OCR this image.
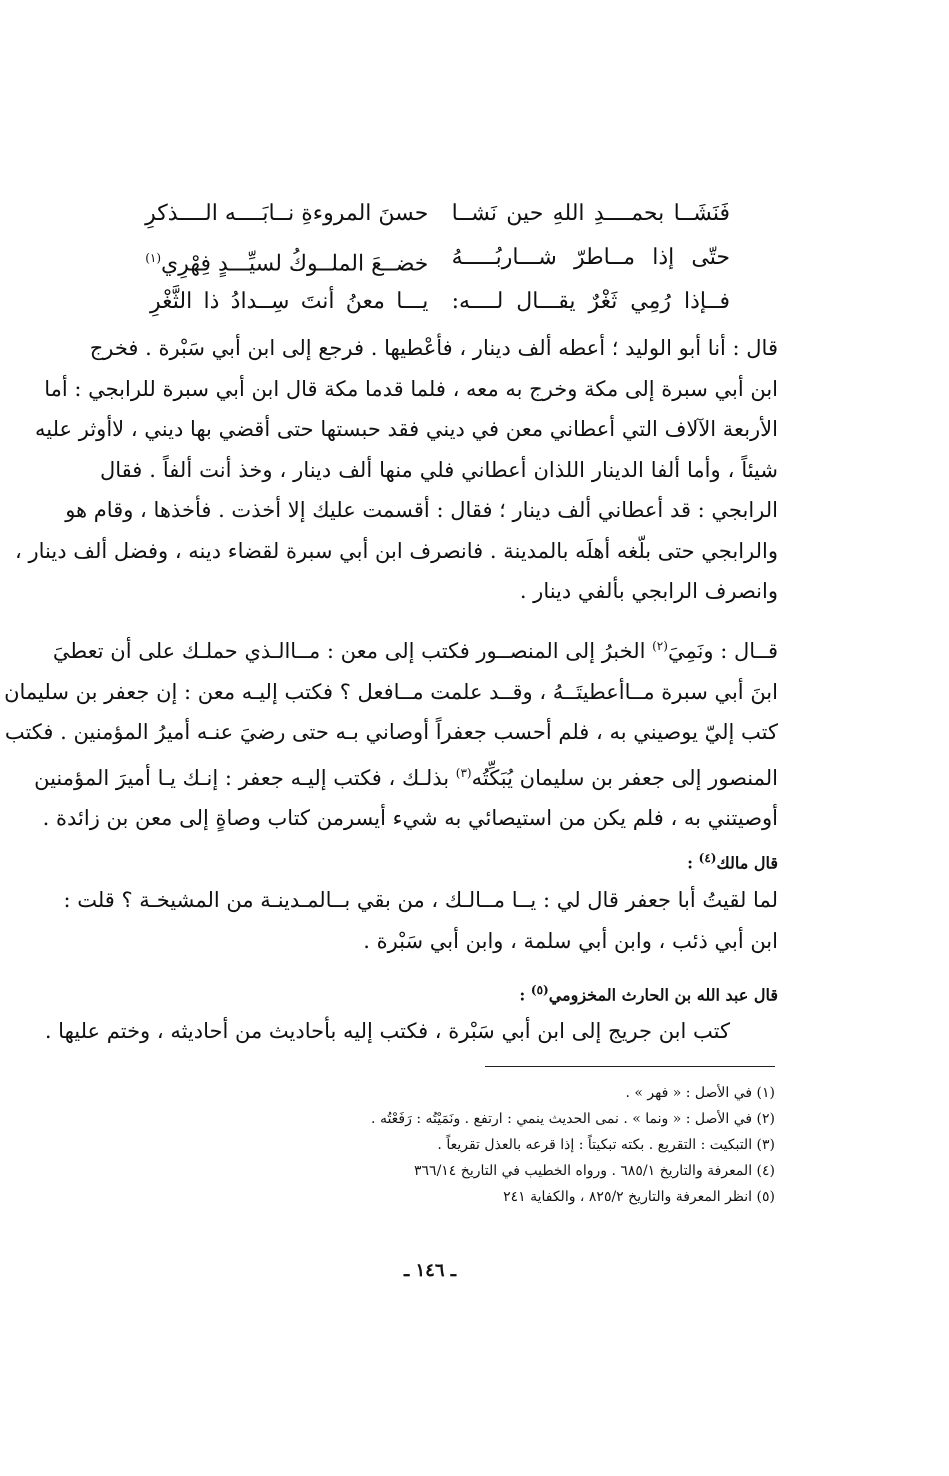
فَنَشَــا بحمــــدِ اللهِ حين نَشــا
حسنَ المروءةِ نــابَــــه الــــذكرِ
حتّى إذا مــاطرّ شـــاربُـــــهُ
خضــعَ الملــوكُ لسيِّـــدٍ فِهْرِي$^{(١)}$
فــإذا رُمِي ثَغْرٌ يقـــال لــــه:
يـــا معنُ أنتَ سِــدادُ ذا الثَّغْرِ
قال : أنا أبو الوليد ؛ أعطه ألف دينار ، فأعْطيها . فرجع إلى ابن أبي سَبْرة . فخرج
ابن أبي سبرة إلى مكة وخرج به معه ، فلما قدما مكة قال ابن أبي سبرة للرابجي : أما
الأربعة الآلاف التي أعطاني معن في ديني فقد حبستها حتى أقضي بها ديني ، لاأوثر عليه
شيئاً ، وأما ألفا الدينار اللذان أعطاني فلي منها ألف دينار ، وخذ أنت ألفاً . فقال
الرابجي : قد أعطاني ألف دينار ؛ فقال : أقسمت عليك إلا أخذت . فأخذها ، وقام هو
والرابجي حتى بلّغه أهلَه بالمدينة . فانصرف ابن أبي سبرة لقضاء دينه ، وفضل ألف دينار ،
وانصرف الرابجي بألفي دينار .
قــال : ونَمِيَ$^{(٢)}$ الخبرُ إلى المنصــور فكتب إلى معن : مــاالـذي حملـك على أن تعطيَ
ابنَ أبي سبرة مــاأعطيتَــهُ ، وقــد علمت مــافعل ؟ فكتب إليـه معن : إن جعفر بن سليمان
كتب إليّ يوصيني به ، فلم أحسب جعفراً أوصاني بـه حتى رضيَ عنـه أميرُ المؤمنين . فكتب
المنصور إلى جعفر بن سليمان يُبَكِّتُه$^{(٣)}$ بذلـك ، فكتب إليـه جعفر : إنـك يـا أميرَ المؤمنين
أوصيتني به ، فلم يكن من استيصائي به شيء أيسرمن كتاب وصاةٍ إلى معن بن زائدة .
قال مالك$^{(٤)}$ :
لما لقيتُ أبا جعفر قال لي : يــا مــالـك ، من بقي بــالمـدينـة من المشيخـة ؟ قلت :
ابن أبي ذئب ، وابن أبي سلمة ، وابن أبي سَبْرة .
قال عبد الله بن الحارث المخزومي$^{(٥)}$ :
كتب ابن جريج إلى ابن أبي سَبْرة ، فكتب إليه بأحاديث من أحاديثه ، وختم عليها .
(١) في الأصل : « فهر » .
(٢) في الأصل : « ونما » . نمى الحديث ينمي : ارتفع . ونَمَيْتُه : رَفَعْتُه .
(٣) التبكيت : التقريع . بكته تبكيتاً : إذا قرعه بالعذل تقريعاً .
(٤) المعرفة والتاريخ ٦٨٥/١ . ورواه الخطيب في التاريخ ٣٦٦/١٤
(٥) انظر المعرفة والتاريخ ٨٢٥/٢ ، والكفاية ٢٤١
ـ ١٤٦ ـ
